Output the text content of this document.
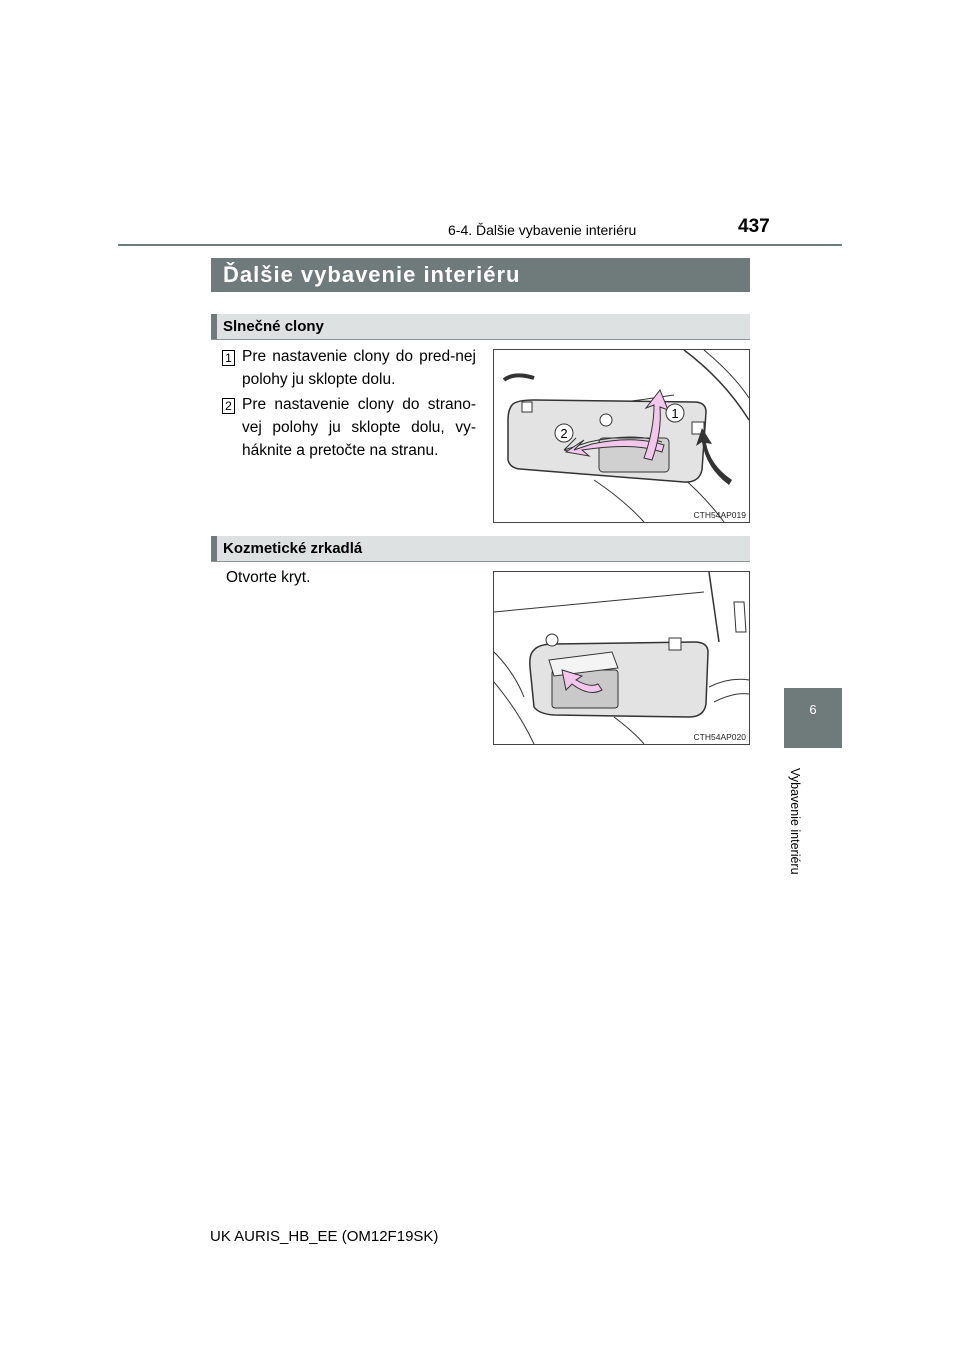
6-4. Ďalšie vybavenie interiéru	437
6
Vybavenie interiéru
Ďalšie vybavenie interiéru
Slnečné clony
1 Pre nastavenie clony do pred-nej polohy ju sklopte dolu.
2 Pre nastavenie clony do strano-vej polohy ju sklopte dolu, vy-háknite a pretočte na stranu.
2
1
CTH54AP019
Kozmetické zrkadlá
Otvorte kryt.
CTH54AP020
UK AURIS_HB_EE (OM12F19SK)
